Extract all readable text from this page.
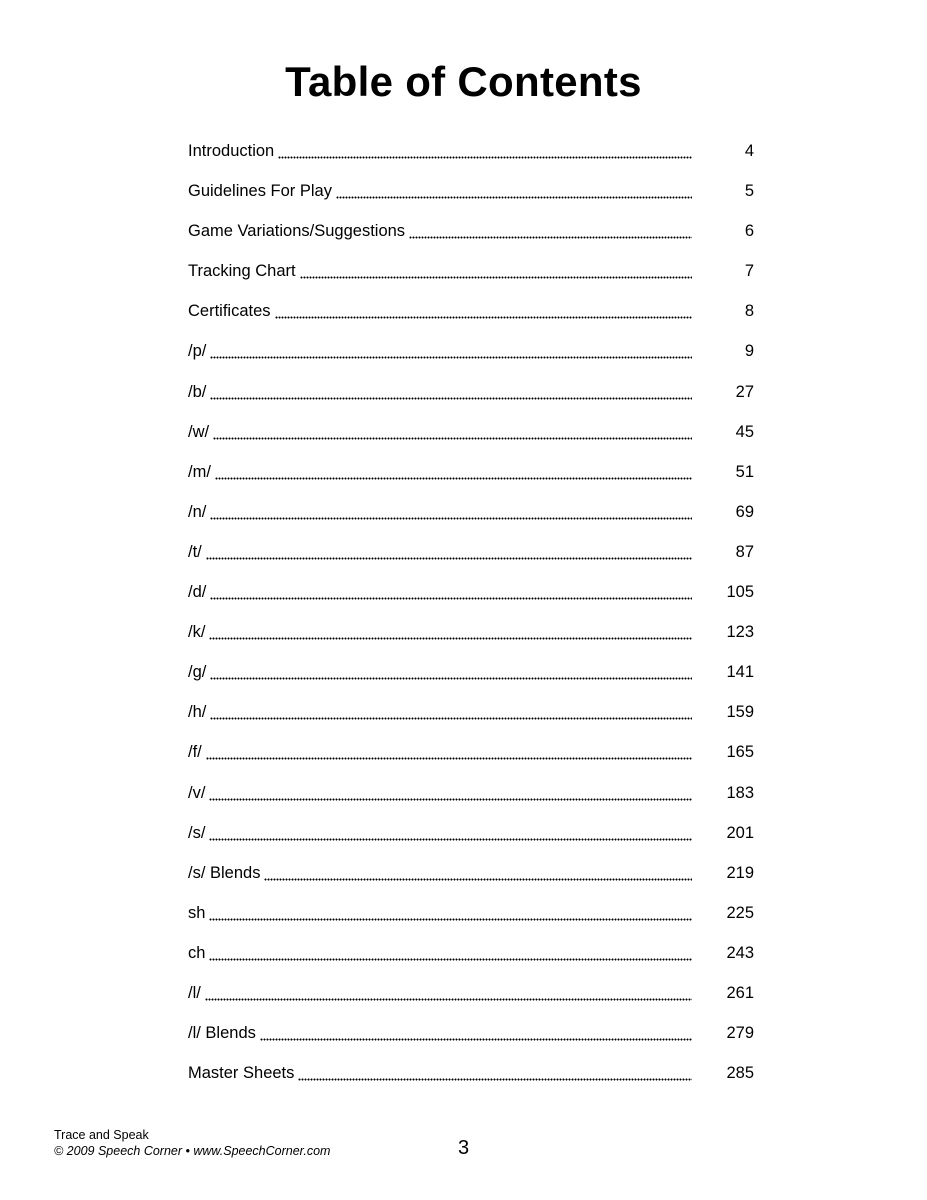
Table of Contents
Introduction	4
Guidelines For Play	5
Game Variations/Suggestions	6
Tracking Chart	7
Certificates	8
/p/	9
/b/	27
/w/	45
/m/	51
/n/	69
/t/	87
/d/	105
/k/	123
/g/	141
/h/	159
/f/	165
/v/	183
/s/	201
/s/ Blends	219
sh	225
ch	243
/l/	261
/l/ Blends	279
Master Sheets	285
Trace and Speak
© 2009 Speech Corner • www.SpeechCorner.com	3
